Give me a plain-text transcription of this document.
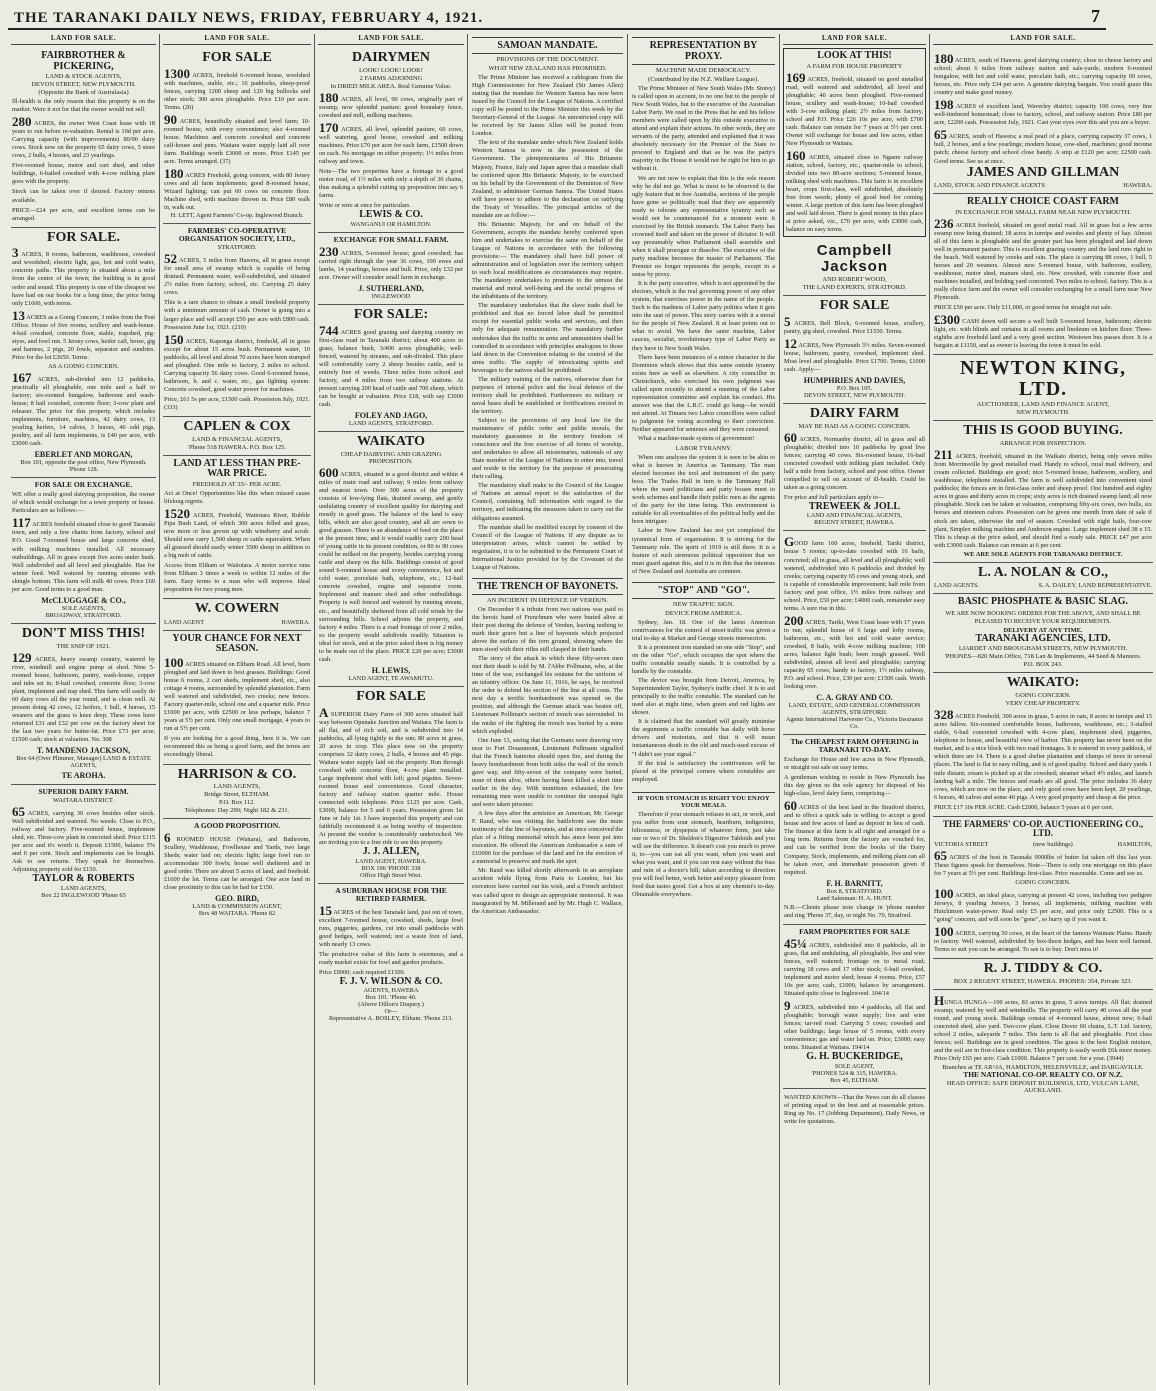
THE TARANAKI DAILY NEWS, FRIDAY, FEBRUARY 4, 1921.	7
LAND FOR SALE.
FAIRBROTHER & PICKERING,
LAND & STOCK AGENTS,
DEVON STREET, NEW PLYMOUTH.
(Opposite the Bank of Australasia)

Ill-health is the only reason that this property is on the market. Were it not for that the owner would not sell.

280 ACRES, the owner West Coast lease with 18 years to run before re-valuation. Rental is 10d per acre. Carrying capacity (with improvements) 80/90 dairy cows. Stock now on the property 65 dairy cows, 5 store cows, 2 bulls, 4 horses, and 23 yearlings.

Five-roomed house, motor and cart shed, and other buildings, 6-bailed cowshed with 4-cow milking plant goes with the property.

Stock can be taken over if desired. Factory returns available.

PRICE—£24 per acre, and excellent terms can be arranged.

FOR SALE.

3 ACRES, 8 rooms, bathroom, washhouse, cowshed and woodshed; electric light, gas, hot and cold water, concrete paths. This property is situated about a mile from the centre of the town; the building is in good order and sound. This property is one of the cheapest we have had on our books for a long time, the price being only £1600, with terms.

13 ACRES as a Going Concern, 3 miles from the Post Office. House of five rooms, scullery and wash-house. 4-bail cowshed, concrete floor, stable, trapshed, pig-styes, and fowl run. 5 Jersey cows, heifer calf, horse, gig and harness, 2 pigs, 20 fowls, separator and sundries. Price for the lot £2650. Terms.

AS A GOING CONCERN.

167 ACRES, sub-divided into 12 paddocks, practically all ploughable, one mile and a half to factory; six-roomed bungalow, bathroom and wash-house; 8 bail cowshed, concrete floor; 3-cow plant and releaser. The price for this property, which includes implements, furniture, machines, 42 dairy cows, 13 yearling heifers, 14 calves, 3 horses, 40 odd pigs, poultry, and all farm implements, is £40 per acre, with £3000 cash.

EBERLET AND MORGAN,
Box 101, opposite the post office, New Plymouth. 'Phone 128.
FOR SALE OR EXCHANGE.

WE offer a really good dairying proposition, the owner of which would exchange for a town property or house. Particulars are as follows:—

117 ACRES freehold situated close to good Taranaki town, and only a few chains from factory, school and P.O. Good 7-roomed house and large concrete shed, with milking machines installed. All necessary outbuildings. All in grass except five acres under bush. Well subdivided and all level and ploughable. Has for winter feed. Well watered by running streams with shingle bottom. This farm will milk 40 cows. Price £60 per acre. Good terms to a good man.

McCLUGGAGE & CO.,
SOLE AGENTS,
BROADWAY, STRATFORD.
DON'T MISS THIS!
THE SNIP OF 1921.

129 ACRES, heavy swamp country, watered by river, windmill and engine pump at shed. Nine 5-roomed house, bathroom, pantry, wash-house, copper and tubs set in; 8-bail cowshed, concrete floor, 3-cow plant, implement and trap shed. This farm will easily do 60 dairy cows all the year round, and is clean well. At present doing 42 cows, 12 heifers, 1 bull, 4 horses, 15 weaners and the grass is knee deep. These cows have returned £31 and £32 per cow on the factory sheet for the last two years for butter-fat. Price £73 per acre; £1500 cash; stock at valuation. No. 308

T. MANDENO JACKSON,
Box 64 (Over Plimmer, Manager) LAND & ESTATE AGENTS,
TE AROHA.
SUPERIOR DAIRY FARM.
WAITARA DISTRICT.

65 ACRES, carrying 30 cows besides other stock. Well subdivided and watered. No weeds. Close to P.O., railway and factory. Five-roomed house, implement shed, etc. Three-cow plant in concreted shed. Price £115 per acre and it's worth it. Deposit £1500, balance 5% and 6 per cent. Stock and implements can be bought. Ask to see returns. They speak for themselves. Adjoining property sold for £150.

TAYLOR & ROBERTS
LAND AGENTS,
Box 22 INGLEWOOD 'Phone 65
LAND FOR SALE.
FOR SALE

1300 ACRES, freehold 6-roomed house, woolshed with machines, stable, etc.; 16 paddocks, sheep-proof fences, carrying 1200 sheep and 120 big bullocks and other stock; 300 acres ploughable. Price £10 per acre. Terms. (20)

90 ACRES, beautifully situated and level farm; 10-roomed house, with every convenience; also 4-roomed house. Machines and concrete cowshed and concrete calf-house and pens. Waitara water supply laid all over farm. Buildings worth £3000 or more. Price £145 per acre. Terms arranged. (37)

180 ACRES Freehold, going concern, with 80 Jersey cows and all farm implements; good 8-roomed house, Wizard lighting; can put 60 cows on concrete floor. Machine shed, with machine thrown in. Price £80 walk in, walk out.

H. LETT, Agent Farmers' Co-op. Inglewood Branch.
FARMERS' CO-OPERATIVE ORGANISATION SOCIETY, LTD.,
STRATFORD.

52 ACRES, 5 miles from Hawera, all in grass except for small area of swamp which is capable of being drained. Permanent water, well-subdivided, and situated 2½ miles from factory, school, etc. Carrying 25 dairy cows.

This is a rare chance to obtain a small freehold property with a minimum amount of cash. Owner is going into a larger place and will accept £50 per acre with £800 cash. Possession June 1st, 1921. (210)

150 ACRES, Kaponga district, freehold, all in grass except for about 15 acres bush. Permanent water, 10 paddocks, all level and about 70 acres have been stumped and ploughed. One mile to factory, 2 miles to school. Carrying capacity 56 dairy cows. Good 6-roomed house, bathroom, h. and c. water, etc., gas lighting system. Concrete cowshed, good water power for machines.

Price, £61 5s per acre, £1500 cash. Possession July, 1921. (333)

CAPLEN & COX
LAND & FINANCIAL AGENTS,
'Phone 518 HAWERA. P.O. Box 125.
LAND AT LESS THAN PRE-WAR PRICE.
FREEHOLD AT 35/- PER ACRE.

Act at Once! Opportunities like this when missed cause lifelong regrets.

1520 ACRES, Freehold, Waitotara River, Rubble Pipa Bush Land, of which 300 acres felled and grass, now more or less grown up with wineberry and scrub. Should now carry 1,500 sheep or cattle equivalent. When all grassed should easily winter 3500 sheep in addition to a big mob of cattle.

Access from Eltham or Waitotara. A motor service runs from Eltham 3 times a week to within 12 miles of the farm. Easy terms to a man who will improve. Ideal proposition for two young men.

W. COWERN
LAND AGENT	HAWERA.
YOUR CHANCE FOR NEXT SEASON.

100 ACRES situated on Eltham Road. All level, been ploughed and laid down to best grasses. Buildings: Good house 6 rooms, 2 cart sheds, implement shed, etc., also cottage 4 rooms, surrounded by splendid plantation. Farm well watered and subdivided, two creeks; new fences. Factory quarter-mile, school one and a quarter mile. Price £1000 per acre, with £2500 or less perhaps, balance 7 years at 5½ per cent. Only one small mortgage, 4 years to run at 5½ per cent.

If you are looking for a good thing, here it is. We can recommend this as being a good farm, and the terms are exceedingly liberal.

HARRISON & CO.
LAND AGENTS,
Bridge Street, ELTHAM.
P.O. Box 112.
Telephones: Day 290; Night 182 & 231.
A GOOD PROPOSITION.

6 ROOMED HOUSE (Waitara), and Bathroom, Scullery, Washhouse, Fowlhouse and Yards, two large Sheds; water laid on; electric light; large fowl run to accommodate 300 fowls; house well sheltered and in good order. There are about 5 acres of land, and freehold. £1600 the lot. Terms can be arranged. One acre land in close proximity to this can be had for £150.

GEO. BIRD,
LAND & COMMISSION AGENT,
Box 48 WAITARA. 'Phone 82
LAND FOR SALE.
DAIRYMEN
LOOK! LOOK! LOOK!
2 FARMS ADJOINING
In DRIED MILK AREA. Real Genuine Value.

180 ACRES, all level, 90 cows, originally part of swamp, now splendid pasture; good boundary fence, cowshed and mill, milking machines.

170 ACRES, all level, splendid pasture, 60 cows, well watering, good house, cowshed and milking machines. Price £70 per acre for each farm, £1500 down on each. No mortgage on either property; 1½ miles from railway and town.

Note—The two properties have a frontage to a good motor road, of 1½ miles with only a depth of 30 chains, thus making a splendid cutting up proposition into say 6 farms.

Write or wire at once for particulars.

LEWIS & CO.
WANGANUI OR HAMILTON.
EXCHANGE FOR SMALL FARM.

230 ACRES, 5-roomed house; good cowshed; has carried right through the year 36 cows, 100 ewes and lambs, 14 yearlings, horses and bull. Price, only £32 per acre. Owner will consider small farm in exchange.

J. SUTHERLAND,
INGLEWOOD
FOR SALE:

744 ACRES good grazing and dairying country on first-class road in Taranaki district; about 400 acres in grass, balance bush, 3/400 acres ploughable, well-fenced, watered by streams, and sub-divided. This place will comfortably carry 2 sheep besides cattle, and is entirely free of weeds. Three miles from school and factory, and 4 miles from two railway stations. At present carrying 200 head of cattle and 700 sheep, which can be bought at valuation. Price £18, with say £3000 cash.

FOLEY AND JAGO,
LAND AGENTS, STRATFORD.
WAIKATO
CHEAP DAIRYING AND GRAZING PROPOSITION.

600 ACRES, situated in a good district and within 4 miles of main road and railway; 9 miles from railway and nearest town. Over 300 acres of the property consists of low-lying flats, drained swamp, and gently undulating country of excellent quality for dairying and mostly in good grass. The balance of the land is easy hills, which are also good country, and all are sown to good grasses. There is an abundance of feed on the place at the present time, and it would readily carry 200 head of young cattle in its present condition, or 80 to 90 cows could be milked on the property, besides carrying young cattle and sheep on the hills. Buildings consist of good sound 6-roomed house and every convenience, hot and cold water, porcelain bath, telephone, etc.; 12-bail concrete cowshed, engine and separator room. Implement and manure shed and other outbuildings. Property is well fenced and watered by running stream, etc., and beautifully sheltered from all cold winds by the surrounding hills. School adjoins the property, and factory 4 miles. There is a road frontage of over 2 miles, so the property would subdivide readily. Situation is ideal for stock, and at the price asked there is big money to be made out of the place. PRICE £20 per acre; £3000 cash.

H. LEWIS,
LAND AGENT, TE AWAMUTU.
FOR SALE

A SUPERIOR Dairy Farm of 300 acres situated half way between Opunake Junction and Waitara. The farm is all flat, and of rich soil, and is subdivided into 14 paddocks, all lying tightly to the sun; 80 acres in grass, 20 acres in crop. This place now on the property comprises 32 dairy cows, 2 bulls, 4 horses and 45 pigs. Waitara water supply laid on the property. Run through cowshed with concrete floor, 4-cow plant installed. Large implement shed with loft; good pigsties. Seven-roomed house and conveniences. Good character, factory and railway station quarter mile. House connected with telephone. Price £125 per acre. Cash, £3000, balance for 5 and 6 years. Possession given 1st June or July 1st. I have inspected this property and can faithfully recommend it as being worthy of inspection. At present the vendor is considerably undertocked. We are inviting you to a free ride to see this property.

J. J. ALLEN,
LAND AGENT, HAWERA.
BOX 196 'PHONE 338
Office High Street West.
A SUBURBAN HOUSE FOR THE RETIRED FARMER.

15 ACRES of the best Taranaki land, just out of town, excellent 7-roomed house, cowshed, sheds, large fowl runs, piggeries, gardens, cut into small paddocks with good hedges, well watered; not a waste foot of land, with nearly 13 cows.

The productive value of this farm is enormous, and a ready market exists for fowl and garden products.

Price £9000; cash required £1500.

F. J. V. WILSON & CO.
AGENTS, HAWERA
Box 101. 'Phone 40.
(Above Dillon's Drapery.)
Or—
Representative A. BOSLEY, Eltham. 'Phone 213.
SAMOAN MANDATE.
PROVISIONS OF THE DOCUMENT.
WHAT NEW ZEALAND HAS PROMISED.

The Prime Minister has received a cablegram from the High Commissioner for New Zealand (Sir James Allen) stating that the mandate for Western Samoa has now been issued by the Council for the League of Nations. A certified copy will be posted to the Prime Minister this week by the Secretary-General of the League. An unrestricted copy will be received by Sir James Allen will be posted from London.

The text of the mandate under which New Zealand holds Western Samoa is now in the possession of the Government. The plenipotentiaries of His Britannic Majesty, France, Italy and Japan agree that a mandate shall be conferred upon His Britannic Majesty, to be exercised on his behalf by the Government of the Dominion of New Zealand, to administer German Samoa. The United States will have power to adhere to the declaration on ratifying the Treaty of Versailles. The principal articles of the mandate are as follow:—

His Britannic Majesty, for and on behalf of the Government, accepts the mandate hereby conferred upon him and undertakes to exercise the same on behalf of the League of Nations in accordance with the following provisions:— The mandatory shall have full power of administration and of legislation over the territory subject to such local modifications as circumstances may require. The mandatory undertakes to promote to the utmost the material and moral well-being and the social progress of the inhabitants of the territory.

The mandatory undertakes that the slave trade shall be prohibited and that no forced labor shall be permitted except for essential public works and services, and then only for adequate remuneration. The mandatory further undertakes that the traffic in arms and ammunition shall be controlled in accordance with principles analogous to those laid down in the Convention relating to the control of the arms traffic. The supply of intoxicating spirits and beverages to the natives shall be prohibited.

The military training of the natives, otherwise than for purposes of internal police and the local defence of the territory shall be prohibited. Furthermore no military or naval bases shall be established or fortifications erected in the territory.

Subject to the provisions of any local law for the maintenance of public order and public morals, the mandatory guarantees in the territory freedom of conscience and the free exercise of all forms of worship, and undertakes to allow all missionaries, nationals of any State member of the League of Nations to enter into, travel and reside in the territory for the purpose of prosecuting their calling.

The mandatory shall make to the Council of the League of Nations an annual report to the satisfaction of the Council, containing full information with regard to the territory, and indicating the measures taken to carry out the obligations assumed.

The mandate shall be modified except by consent of the Council of the League of Nations. If any dispute as to interpretation arises, which cannot be settled by negotiation, it is to be submitted to the Permanent Court of International Justice provided for by the Covenant of the League of Nations.

THE TRENCH OF BAYONETS.
AN INCIDENT IN DEFENCE OF VERDUN.

On December 9 a tribute from two nations was paid to the heroic band of Frenchmen who were buried alive at their post during the defence of Verdun, leaving nothing to mark their grave but a line of bayonets which projected above the surface of the torn ground, showing where the men stood with their rifles still clasped in their hands.

The story of the attack in which these fifty-seven men met their death is told by M. l'Abbe Pollmann, who, at the time of the war, exchanged his soutane for the uniform of an infantry officer. On June 11, 1916, he says, he received the order to defend his section of the line at all costs. The next day a terrific bombardment was opened on the position, and although the German attack was beaten off, Lieutenant Polliman's section of trench was surrounded. In the midst of the fighting the trench was buried by a mine which exploded.

One June 13, seeing that the Germans were drawing very near to Fort Douaumont, Lieutenant Pollmann signalled that the French batteries should open fire, and during the heavy bombardment from both sides the wall of the trench gave way, and fifty-seven of the company were buried, none of them alive, others having been killed a short time earlier in the day. With munitions exhausted, the few remaining men were unable to continue the unequal fight and were taken prisoner.

A few days after the armistice an American, Mr. George F. Rand, who was visiting the battlefront saw the mute testimony of the line of bayonets, and at once conceived the plan of a fitting memorial which has since been put into execution. He offered the American Ambassador a sum of £10000 for the purchase of the land and for the erection of a memorial to preserve and mark the spot.

Mr. Rand was killed shortly afterwards in an aeroplane accident while flying from Paris to London, but his executors have carried out his wish, and a French architect was called upon to design an appropriate memorial. It was inaugurated by M. Millerand and by Mr. Hugh C. Wallace, the American Ambassador.

REPRESENTATION BY PROXY.
MACHINE MADE DEMOCRACY.
(Contributed by the N.Z. Welfare League).

The Prime Minister of New South Wales (Mr. Storey) is called upon to account, to no one but to the people of New South Wales, but to the executive of the Australian Labor Party. We read in the Press that he and his fellow members were called upon by this outside executive to attend and explain their actions. In other words, they are servants of the party, attended and explained that it was absolutely necessary for the Premier of the State to proceed to England and that as he was the party's majority in the House it would not be right for him to go without it.

We are not now to explain that this is the sole reason why he did not go. What is most to be observed is the ugly feature that in free Australia, sections of the people have gone so politically mad that they are apparently ready to tolerate any representative tyranny such as would not be countenanced for a moment were it exercised by the British monarch. The Labor Party has crowned itself and taken on the power of dictator. It will say presumably when Parliament shall assemble and when it shall prorogue or dissolve. The executive of the party machine becomes the master of Parliament. The Premier no longer represents the people, except in a sense by proxy.

It is the party executive, which is not appointed by the electors, which is the real governing power of any other system, that exercises power in the name of the people. Such is the madness of Labor party politics when it gets into the seat of power. This story carries with it a moral for the people of New Zealand. It at least points out to what to avoid. We have the same machine, Labor caucus, socialist, revolutionary type of Labor Party as they have in New South Wales.

There have been instances of a minor character in the Dominion which shows that this same outside tyranny exists here as well as elsewhere. A city councillor in Christchurch, who exercised his own judgment was called upon recently to attend a meeting of the Labor representation committee and explain his conduct. His answer was that the L.R.C. could go hang—he would not attend. At Timaru two Labor councillors were called to judgment for voting according to their conviction. Neither appeared for sentence and they were censured.

What a machine-made system of government!

LABOR TYRANNY.

When one analyses the system it is seen to be akin to what is known in America as Tammany. The man elected becomes the tool and instrument of the party boss. The Trades Hall in turn is the Tammany Hall where the ward politicians and party bosses meet to work schemes and handle their public men as the agents of the party for the time being. This environment is suitable for all eventualities of the political bully and the born intriguer.

Labor in New Zealand has not yet completed the tyrannical form of organisation. It is striving for the Tammany rule. The spirit of 1919 is still there. It is a feature of such strenuous political opposition that we must guard against this, and it is in this that the interests of New Zealand and Australia are common.

"STOP" AND "GO".
NEW TRAFFIC SIGN.
DEVICE FROM AMERICA.

Sydney, Jan. 18. One of the latest American contrivances for the control of street traffic was given a trial to-day at Market and George streets intersection.

It is a prominent iron standard on one side "Stop", and on the other "Go", which occupies the spot where the traffic constable usually stands. It is controlled by a handle by the constable.

The device was brought from Detroit, America, by Superintendent Taylor, Sydney's traffic chief. It is to aid principally to the traffic constable. The standard can be used also at night time, when green and red lights are shown.

It is claimed that the standard will greatly minimise the arguments a traffic constable has daily with horse drivers and motorists, and that it will mean instantaneous death to the old and much-used excuse of "I didn't see your signal."

If the trial is satisfactory the contrivances will be placed at the principal corners where constables are employed.

IF YOUR STOMACH IS RIGHT YOU ENJOY YOUR MEALS.

Therefore if your stomach refuses to act, or work, and you suffer from sour stomach, heartburn, indigestion, biliousness, or dyspepsia of whatever form, just take one or two of Dr. Sheldon's Digestive Tabloids and you will see the difference. It doesn't cost you much to prove it, to—you can eat all you want, when you want and what you want, and if you can rest easy without the fuss and ruin of a doctor's bill; taken according to direction you will feel better, work better and enjoy pleasure from food that tastes good. Get a box at any chemist's to-day. Obtainable everywhere.

LAND FOR SALE.
LOOK AT THIS!
A FARM FOR HOUSE PROPERTY

169 ACRES, freehold, situated on good metalled road, well watered and subdivided, all level and ploughable; 40 acres been ploughed. Five-roomed house, scullery and wash-house; 10-bail cowshed with 3-cow milking plant; 2½ miles from factory, school and P.O. Price £26 10s per acre, with £700 cash. Balance can remain for 7 years at 5½ per cent. Owner will exchange for house and few acres, either New Plymouth or Waitara.

160 ACRES, situated close to Ngaere railway station, school, factory, etc.; quarter-mile to school; divided into two 80-acre sections; 5-roomed house, milking shed with machines. This farm is in excellent heart, crops first-class, well subdivided, absolutely free from weeds; plenty of good feed for coming winter. A large portion of this farm has been ploughed and well laid down. There is good money in this place at price asked, viz., £70 per acre, with £3000 cash, balance on easy terms.

Campbell Jackson
AND ROBERT WOOD,
THE LAND EXPERTS, STRATFORD.
FOR SALE

5 ACRES, Bell Block, 6-roomed house, scullery, pantry, gig shed, cowshed. Price £1550. Terms.

12 ACRES, New Plymouth 3½ miles. Seven-roomed house, bathroom, pantry, cowshed, implement shed. Most level and ploughable. Price £1700. Terms, £1000 cash. Apply—

HUMPHRIES AND DAVIES,
P.O. Box 105.
DEVON STREET, NEW PLYMOUTH.
DAIRY FARM
MAY BE HAD AS A GOING CONCERN.

60 ACRES, Normanby district, all in grass and all ploughable; divided into 10 paddocks by good live fences; carrying 40 cows. Six-roomed house, 16-bail concreted cowshed with milking plant included. Only half a mile from factory, school and post office. Owner compelled to sell on account of ill-health. Could be taken as a going concern.

For price and full particulars apply to—

TREWEEK & JOLL
LAND AND FINANCIAL AGENTS,
REGENT STREET, HAWERA.

GOOD farm 160 acres, freehold, Tariki district, house 5 rooms; up-to-date cowshed with 16 bails, concreted; all in grass, all level and all ploughable; well watered, subdivided into 6 paddocks and divided by creeks; carrying capacity 65 cows and young stock, and is capable of considerable improvement; half mile from factory and post office, 1½ miles from railway and school. Price, £50 per acre; £4000 cash, remainder easy terms. A sure rise in this.

200 ACRES, Tariki, West Coast lease with 17 years to run; splendid house of 6 large and lofty rooms, bathroom, etc., with hot and cold water service; cowshed, 8 bails, with 4-cow milking machine; 100 acres, balance light bush; been rough grassed. Well subdivided, almost all level and ploughable; carrying capacity 65 cows; handy to factory, 1½ miles railway, P.O. and school. Price, £30 per acre; £1500 cash. Worth looking over.

C. A. GRAY AND CO.
LAND, ESTATE, AND GENERAL COMMISSION AGENTS, STRATFORD.
Agents International Harvester Co., Victoria Insurance Co.
The CHEAPEST FARM OFFERING in TARANAKI TO-DAY.

Exchange for House and few acres in New Plymouth, or straight out sale on easy terms.

A gentleman wishing to reside in New Plymouth has this day given us the sole agency for disposal of his high-class, level dairy farm, comprising—

60 ACRES of the best land in the Stratford district, and to effect a quick sale is willing to accept a good house and few acres of land as deposit in lieu of cash. The finance at this farm is all right and arranged for a long term. Returns from the factory are vouched for, and can be verified from the books of the Dairy Company. Stock, implements, and milking plant can all be taken over, and immediate possession given if required.

F. H. BARNITT,
Box 8, STRATFORD.
Land Salesman: H. A. HUNT.

N.B.—Clients please note change in 'phone number and ring 'Phone 37, day, or night No. 70, Stratford.

FARM PROPERTIES FOR SALE

45¼ ACRES, subdivided into 8 paddocks, all in grass, flat and undulating, all ploughable, live and wire fences, well watered; frontage on to metal road; carrying 18 cows and 17 other stock; 6-bail cowshed, implement and motor shed; house 4 rooms. Price, £57 10s per acre; cash, £1000, balance by arrangement. Situated quite close to Inglewood. 104/14

9 ACRES, subdivided into 4 paddocks, all flat and ploughable; borough water supply; live and wire fences; tar-red road. Carrying 5 cows; cowshed and other buildings; large house of 5 rooms, with every convenience; gas and water laid on. Price, £3000; easy terms. Situated at Waitara. 194/14

G. H. BUCKERIDGE,
SOLE AGENT,
'PHONES 524 & 315, HAWERA.
Box 45, ELTHAM.

WANTED KNOWN—That the News can do all classes of printing equal to the best and at reasonable prices. Ring up No. 17 (Jobbing Department), Daily News, or write for quotations.

LAND FOR SALE.

180 ACRES, south of Hawera; good dairying country; close to cheese factory and school; about 6 miles from railway station and sale-yards; modern 6-roomed bungalow, with hot and cold water, porcelain bath, etc.; carrying capacity 60 cows, horses, etc. Price only £34 per acre. A genuine dairying bargain. You could graze this country and make good money.

198 ACRES of excellent land, Waverley district; capacity 100 cows, very fine well-timbered homestead; close to factory, school, and railway station. Price £80 per acre, £2200 cash. Possession July, 1921. Cast your eyes over this and you are a buyer.

65 ACRES, south of Hawera; a real pearl of a place, carrying capacity 37 cows, 1 bull, 2 horses, and a few yearlings; modern house, cow-shed, machines; good income patch; cheese factory and school close handy. A snip at £120 per acre; £2500 cash. Good terms. See us at once.

JAMES AND GILLMAN
LAND, STOCK AND FINANCE AGENTS	HAWERA.
REALLY CHOICE COAST FARM
IN EXCHANGE FOR SMALL FARM NEAR NEW PLYMOUTH.

236 ACRES freehold, situated on good metal road. All in grass but a few acres swamp now being drained; 18 acres in turnips and swedes and plenty of hay. Almost all of this farm is ploughable and the greater part has been ploughed and laid down well in permanent pasture. This is excellent grazing country and the land runs right to the beach. Well watered by creeks and rain. The place is carrying 88 cows, 1 bull, 5 horses and 20 weaners. Almost new 5-roomed house, with bathroom, scullery, washhouse, motor shed, manure shed, etc. New cowshed, with concrete floor and machines installed, and bolding yard concreted. Two miles to school, factory. This is a really choice farm and the owner will consider exchanging for a small farm near New Plymouth.

PRICE £50 per acre. Only £11,000, or good terms for straight out sale.

£300 CASH down will secure a well built 5-roomed house, bathroom; electric light, etc. with blinds and curtains in all rooms and linoleum on kitchen floor. Three-eighths acre freehold land and a very good section. Westown bus passes door. It is a bargain at £1150, and as owner is leaving the town it must be sold.

NEWTON KING, LTD.
AUCTIONEER, LAND AND FINANCE AGENT,
NEW PLYMOUTH.
THIS IS GOOD BUYING.
ARRANGE FOR INSPECTION.

211 ACRES, freehold, situated in the Waikato district, being only seven miles from Morrinsville by good metalled road. Handy to school, rural mail delivery, and cream collected. Buildings are good; nice 5-roomed house, bathroom, scullery, and washhouse, telephone installed. The farm is well subdivided into convenient sized paddocks; the fences are in first-class order and sheep proof. One hundred and eighty acres in grass and thirty acres in crops; sixty acres is rich drained swamp land; all now ploughable. Stock can be taken at valuation, comprising fifty-six cows, two bulls, six horses and nineteen calves. Possession can be given one month from date of sale if stock are taken, otherwise the end of season. Cowshed with eight bails, four-cow plant, Simplex milking machine and Anderson engine. Large implement shed 38 x 15. This is cheap at the price asked, and should find a ready sale. PRICE £47 per acre with £3000 cash. Balance can remain at 6 per cent.

WE ARE SOLE AGENTS FOR TARANAKI DISTRICT.
L. A. NOLAN & CO.,
LAND AGENTS.	S. A. DAILEY, LAND REPRESENTATIVE.
BASIC PHOSPHATE & BASIC SLAG.

WE ARE NOW BOOKING ORDERS FOR THE ABOVE, AND SHALL BE PLEASED TO RECEIVE YOUR REQUIREMENTS.

DELIVERY AT ANY TIME.
TARANAKI AGENCIES, LTD.
LIARDET AND BROUGHAM STREETS, NEW PLYMOUTH.
'PHONES—820 Main Office, 718 Lan & Implements, 44 Seed & Manures.
P.O. BOX 243.
WAIKATO:
GOING CONCERN.
VERY CHEAP PROPERTY.

328 ACRES Freehold, 300 acres in grass, 5 acres in oats, 8 acres in turnips and 15 acres fallow. Six-roomed comfortable house, bathroom, washhouse, etc.; 3-stalled stable, 6-bail concreted cowshed with 4-cow plant, implement shed, piggeries, telephone to house, and beautiful view of harbor. This property has never been on the market, and is a nice block with two road frontages. It is watered in every paddock, of which there are 14. There is a good shelter plantation and clumps of trees in several places. The land is flat to easy rolling, and is of good quality. School and dairy yards 1 mile distant; cream is picked up at the cowshed; steamer wharf 4½ miles, and launch landing half a mile. The fences and roads are all good. The price includes 36 dairy cows, which are now on the place, and only good cows have been kept. 20 yearlings, 6 horses, 40 calves and some 40 pigs. A very good property and cheap at the price.

PRICE £17 10s PER ACRE. Cash £2000, balance 5 years at 6 per cent.

THE FARMERS' CO-OP. AUCTIONEERING CO., LTD.
VICTORIA STREET	(new buildings)	HAMILTON,

65 ACRES of the best in Taranaki 9000lbs of butter fat taken off this last year. These figures speak for themselves. Note—There is only one mortgage on this place for 7 years at 5½ per cent. Buildings first-class. Price reasonable. Come and see us.

GOING CONCERN.

100 ACRES, an ideal place, carrying at present 42 cows, including two pedigree Jerseys, 8 yearling Jerseys, 3 horses, all implements, milking machine with Hutchinson water-power. Real only £5 per acre, and price only £2500. This is a "going" concern, and will soon be "gone", so hurry up if you want it.

100 ACRES, carrying 50 cows, in the heart of the famous Waimate Plains. Handy to factory. Well watered, subdivided by box-thorn hedges, and has been well farmed. Terms to suit you can be arranged. To see is to buy. Don't miss it!

R. J. TIDDY & CO.
BOX 2 REGENT STREET, HAWERA. PHONES: 354, Private 323.

HUNGA HUNGA—100 acres, 83 acres in grass, 5 acres turnips. All flat; drained swamp; watered by well and windmills. The property will carry 40 cows all the year round, and young stock. Buildings consist of 4-roomed house, almost new; 6-bail concreted shed, also yard. Two-cow plant. Close Dover 60 chains, L.T. Ltd. factory, school 2 miles, saleyards 7 miles. This farm is all flat and ploughable. First class fences; soil. Buildings are in good condition. The grass is the best English mixture, and the soil are in first-class condition. This property is easily worth £6k more money. Price Only £65 per acre. Cash £1000. Balance 7 per cent. for a year. (3944)

Branches at TE AR^JA, HAMILTON, HELENSVILLE, and DARGAVILLE.
THE NATIONAL CO-OP. REALTY CO. OF N.Z.
HEAD OFFICE: SAFE DEPOSIT BUILDINGS, LTD, VULCAN LANE, AUCKLAND.
